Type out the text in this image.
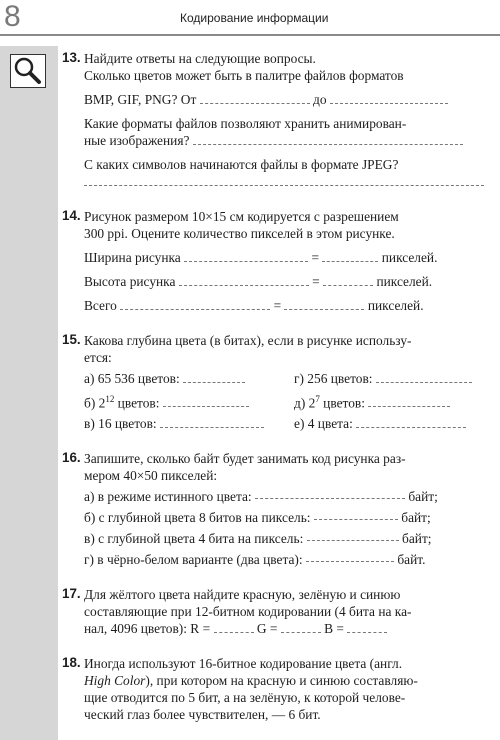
8	Кодирование информации
13. Найдите ответы на следующие вопросы.
Сколько цветов может быть в палитре файлов форматов
BMP, GIF, PNG? От	до
Какие форматы файлов позволяют хранить анимирован-
ные изображения?
С каких символов начинаются файлы в формате JPEG?
14. Рисунок размером 10×15 см кодируется с разрешением
300 ppi. Оцените количество пикселей в этом рисунке.
Ширина рисунка	=	пикселей.
Высота рисунка	=	пикселей.
Всего	=	пикселей.
15. Какова глубина цвета (в битах), если в рисунке использу-
ется:
а) 65 536 цветов:	г) 256 цветов:
б) $2^{12}$ цветов:	д) $2^7$ цветов:
в) 16 цветов:	е) 4 цвета:
16. Запишите, сколько байт будет занимать код рисунка раз-
мером 40×50 пикселей:
а) в режиме истинного цвета:

	байт;
б) с глубиной цвета 8 битов на пиксель:

	байт;
в) с глубиной цвета 4 бита на пиксель:

	байт;
г) в чёрно-белом варианте (два цвета):

	байт.
17. Для жёлтого цвета найдите красную, зелёную и синюю
составляющие при 12-битном кодировании (4 бита на ка-
нал, 4096 цветов): R =	G =	B =
18. Иногда используют 16-битное кодирование цвета (англ.
High Color), при котором на красную и синюю составляю-
щие отводится по 5 бит, а на зелёную, к которой челове-
ческий глаз более чувствителен, — 6 бит.
